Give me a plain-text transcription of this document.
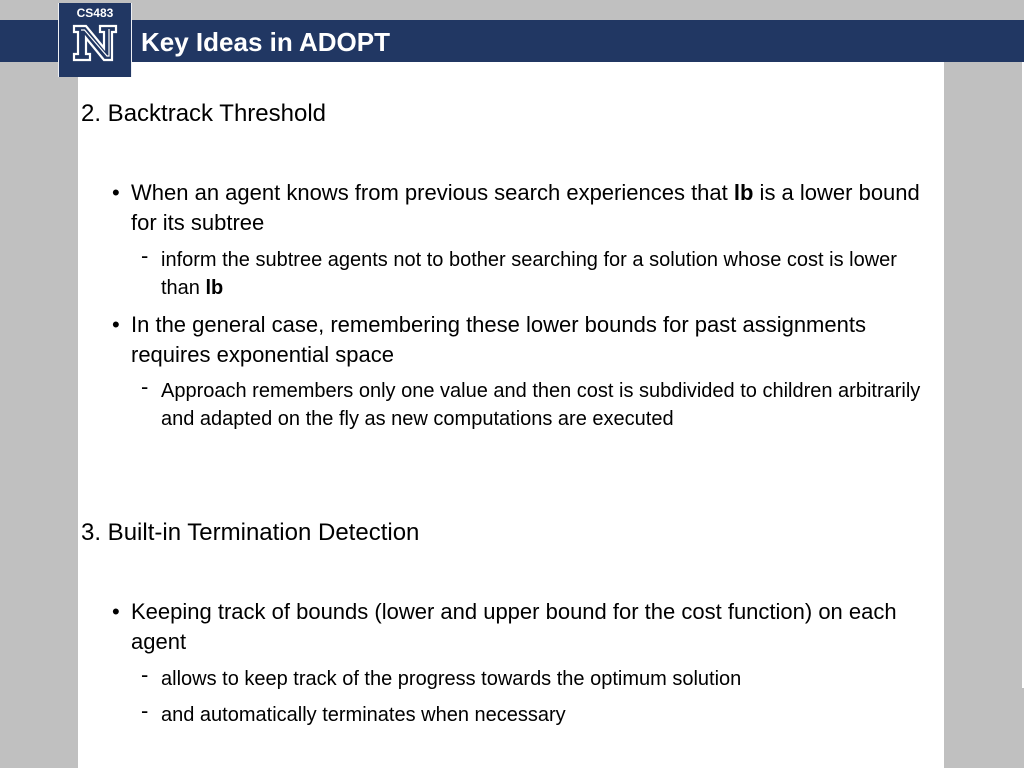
CS483
Key Ideas in ADOPT
2. Backtrack Threshold
• When an agent knows from previous search experiences that lb is a lower bound for its subtree
- inform the subtree agents not to bother searching for a solution whose cost is lower than lb
• In the general case, remembering these lower bounds for past assignments requires exponential space
- Approach remembers only one value and then cost is subdivided to children arbitrarily and adapted on the fly as new computations are executed
3. Built-in Termination Detection
• Keeping track of bounds (lower and upper bound for the cost function) on each agent
- allows to keep track of the progress towards the optimum solution
- and automatically terminates when necessary
